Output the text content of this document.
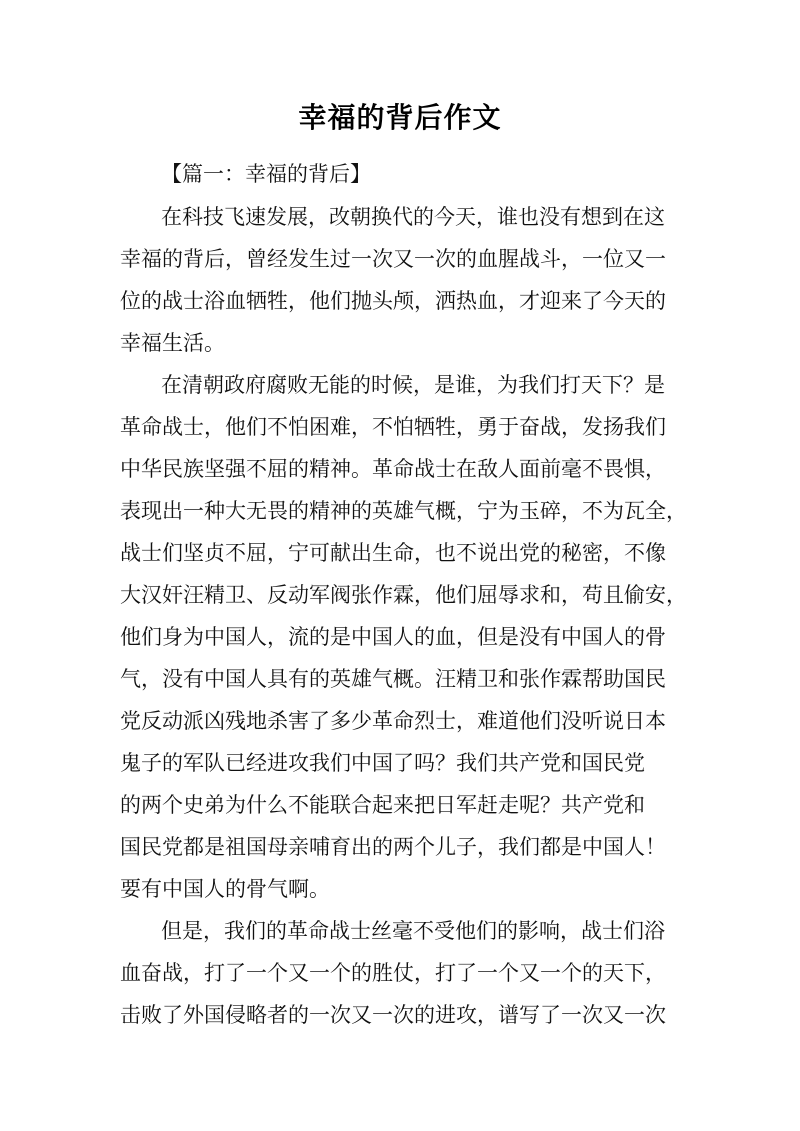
幸福的背后作文
【篇一：幸福的背后】
在科技飞速发展，改朝换代的今天，谁也没有想到在这
幸福的背后，曾经发生过一次又一次的血腥战斗，一位又一
位的战士浴血牺牲，他们抛头颅，洒热血，才迎来了今天的
幸福生活。
在清朝政府腐败无能的时候，是谁，为我们打天下？是
革命战士，他们不怕困难，不怕牺牲，勇于奋战，发扬我们
中华民族坚强不屈的精神。革命战士在敌人面前毫不畏惧，
表现出一种大无畏的精神的英雄气概，宁为玉碎，不为瓦全，
战士们坚贞不屈，宁可献出生命，也不说出党的秘密，不像
大汉奸汪精卫、反动军阀张作霖，他们屈辱求和，苟且偷安，
他们身为中国人，流的是中国人的血，但是没有中国人的骨
气，没有中国人具有的英雄气概。汪精卫和张作霖帮助国民
党反动派凶残地杀害了多少革命烈士，难道他们没听说日本
鬼子的军队已经进攻我们中国了吗？我们共产党和国民党
的两个史弟为什么不能联合起来把日军赶走呢？共产党和
国民党都是祖国母亲哺育出的两个儿子，我们都是中国人！
要有中国人的骨气啊。
但是，我们的革命战士丝毫不受他们的影响，战士们浴
血奋战，打了一个又一个的胜仗，打了一个又一个的天下，
击败了外国侵略者的一次又一次的进攻，谱写了一次又一次
